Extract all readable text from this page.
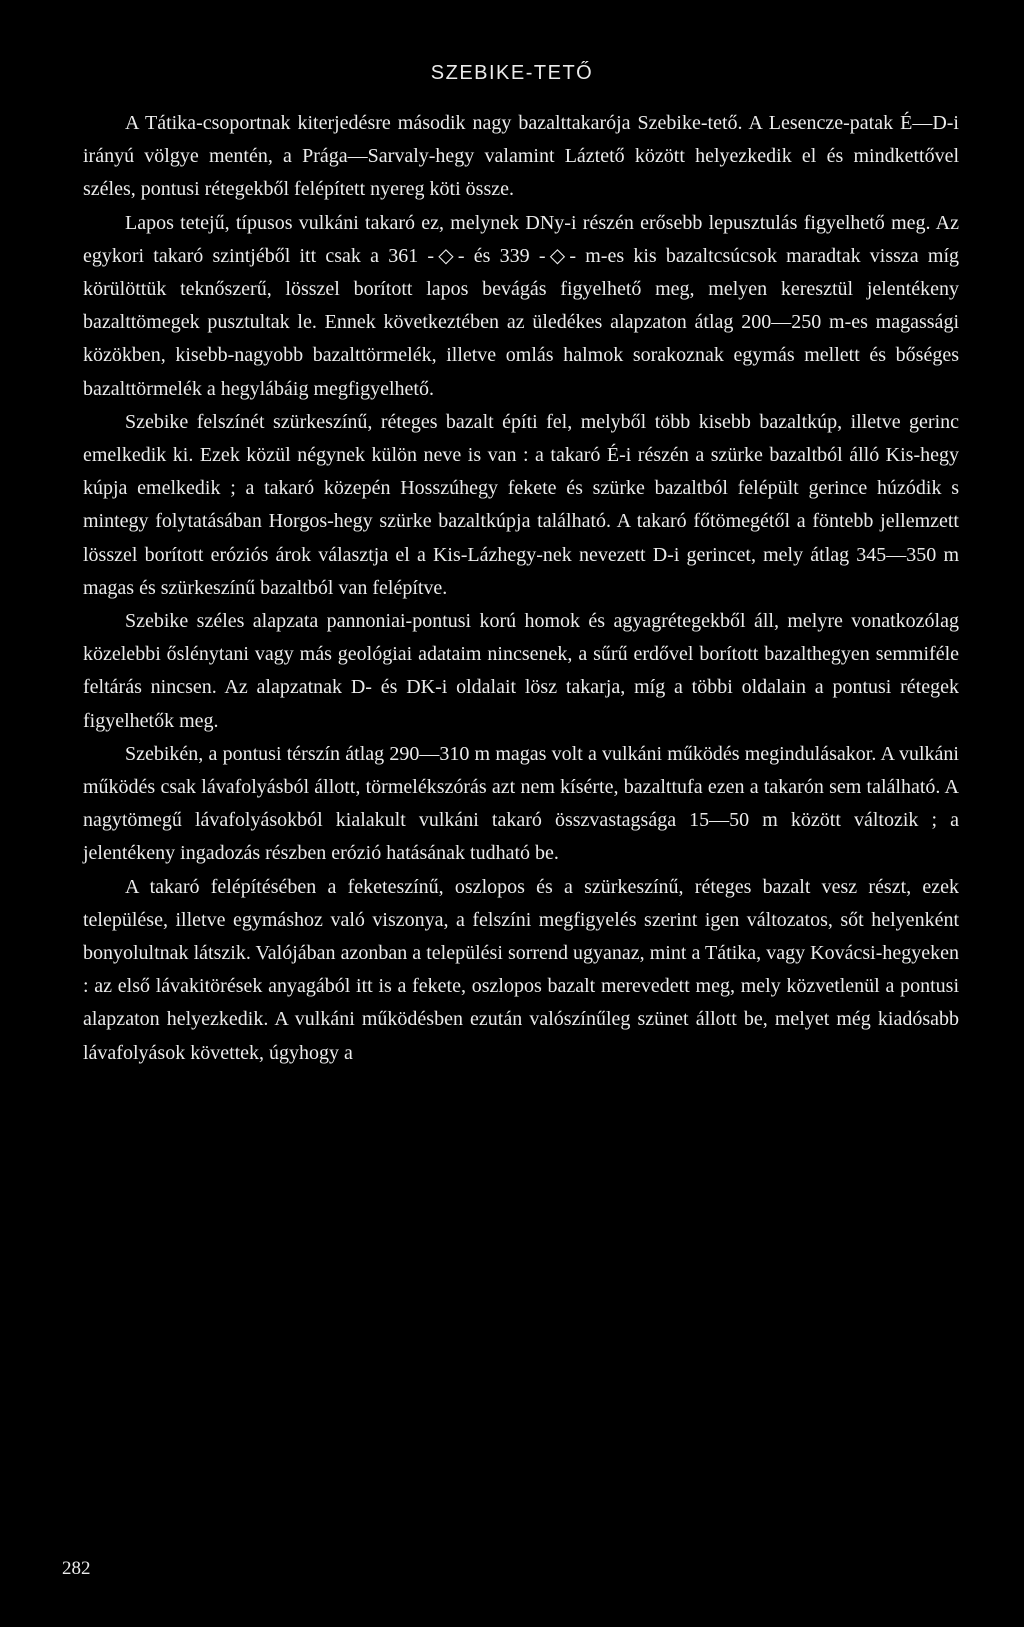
SZEBIKE-TETŐ

A Tátika-csoportnak kiterjedésre második nagy bazalttakarója Szebike-tető. A Lesencze-patak É—D-i irányú völgye mentén, a Prága—Sarvaly-hegy valamint Láztető között helyezkedik el és mindkettővel széles, pontusi rétegekből felépített nyereg köti össze.

Lapos tetejű, típusos vulkáni takaró ez, melynek DNy-i részén erősebb lepusztulás figyelhető meg. Az egykori takaró szintjéből itt csak a 361 -◇- és 339 -◇- m-es kis bazaltcsúcsok maradtak vissza míg körülöttük teknőszerű, lösszel borított lapos bevágás figyelhető meg, melyen keresztül jelentékeny bazalttömegek pusztultak le. Ennek következtében az üledékes alapzaton átlag 200—250 m-es magassági közökben, kisebb-nagyobb bazalttörmelék, illetve omlás halmok sorakoznak egymás mellett és bőséges bazalttörmelék a hegylábáig megfigyelhető.

Szebike felszínét szürkeszínű, réteges bazalt építi fel, melyből több kisebb bazaltkúp, illetve gerinc emelkedik ki. Ezek közül négynek külön neve is van : a takaró É-i részén a szürke bazaltból álló Kis-hegy kúpja emelkedik ; a takaró közepén Hosszúhegy fekete és szürke bazaltból felépült gerince húzódik s mintegy folytatásában Horgos-hegy szürke bazaltkúpja található. A takaró főtömegétől a föntebb jellemzett lösszel borított eróziós árok választja el a Kis-Lázhegy-nek nevezett D-i gerincet, mely átlag 345—350 m magas és szürkeszínű bazaltból van felépítve.

Szebike széles alapzata pannoniai-pontusi korú homok és agyagrétegekből áll, melyre vonatkozólag közelebbi őslénytani vagy más geológiai adataim nincsenek, a sűrű erdővel borított bazalthegyen semmiféle feltárás nincsen. Az alapzatnak D- és DK-i oldalait lösz takarja, míg a többi oldalain a pontusi rétegek figyelhetők meg.

Szebikén, a pontusi térszín átlag 290—310 m magas volt a vulkáni működés megindulásakor. A vulkáni működés csak lávafolyásból állott, törmelékszórás azt nem kísérte, bazalttufa ezen a takarón sem található. A nagytömegű lávafolyásokból kialakult vulkáni takaró összvastagsága 15—50 m között változik ; a jelentékeny ingadozás részben erózió hatásának tudható be.

A takaró felépítésében a feketeszínű, oszlopos és a szürkeszínű, réteges bazalt vesz részt, ezek települése, illetve egymáshoz való viszonya, a felszíni megfigyelés szerint igen változatos, sőt helyenként bonyolultnak látszik. Valójában azonban a települési sorrend ugyanaz, mint a Tátika, vagy Kovácsi-hegyeken : az első lávakitörések anyagából itt is a fekete, oszlopos bazalt merevedett meg, mely közvetlenül a pontusi alapzaton helyezkedik. A vulkáni működésben ezután valószínűleg szünet állott be, melyet még kiadósabb lávafolyások követtek, úgyhogy a

282
